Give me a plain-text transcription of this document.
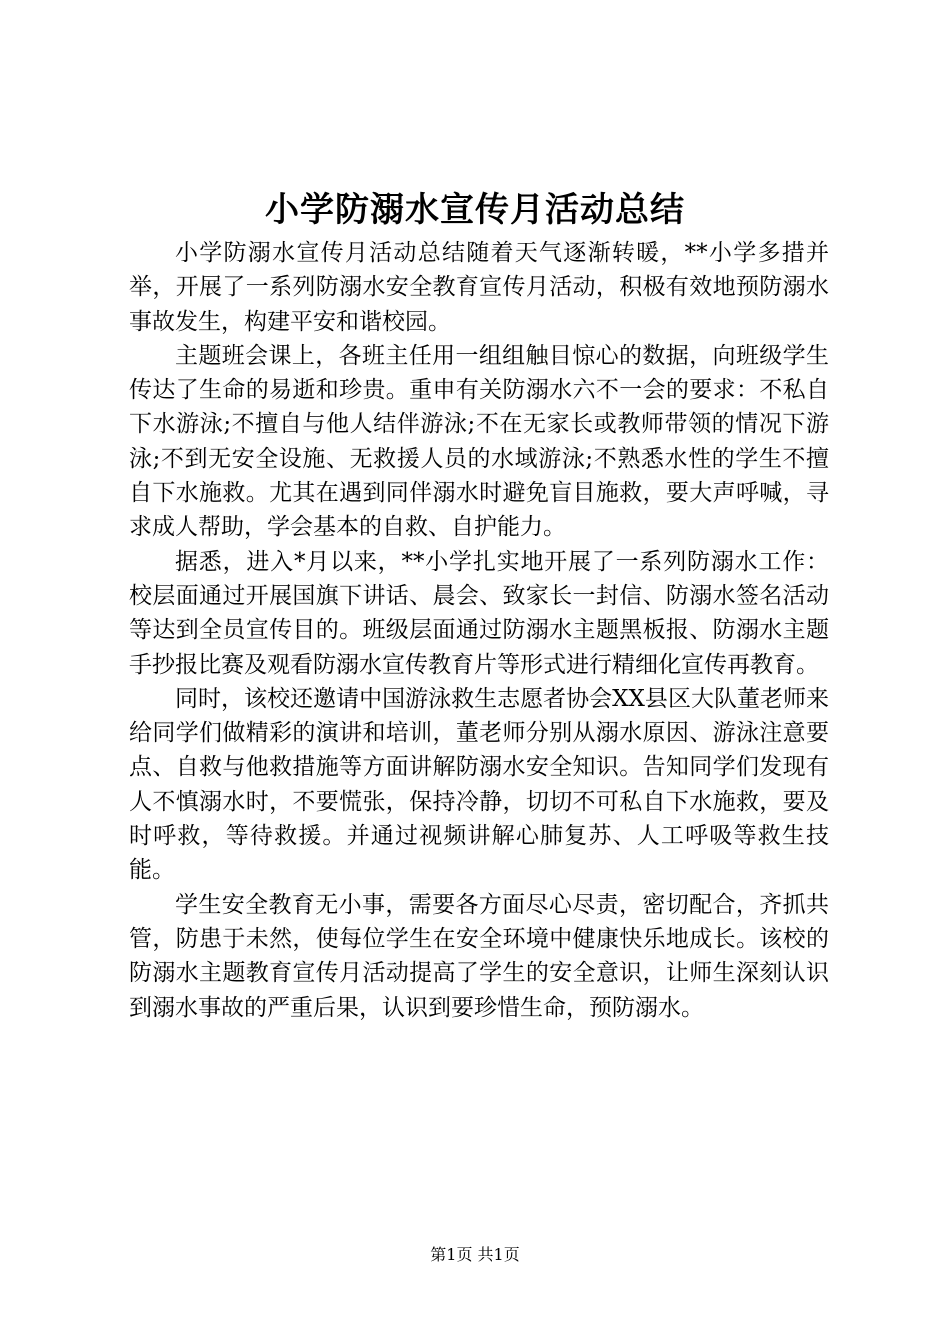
小学防溺水宣传月活动总结

小学防溺水宣传月活动总结随着天气逐渐转暖，**小学多措并举，开展了一系列防溺水安全教育宣传月活动，积极有效地预防溺水事故发生，构建平安和谐校园。

主题班会课上，各班主任用一组组触目惊心的数据，向班级学生传达了生命的易逝和珍贵。重申有关防溺水六不一会的要求：不私自下水游泳;不擅自与他人结伴游泳;不在无家长或教师带领的情况下游泳;不到无安全设施、无救援人员的水域游泳;不熟悉水性的学生不擅自下水施救。尤其在遇到同伴溺水时避免盲目施救，要大声呼喊，寻求成人帮助，学会基本的自救、自护能力。

据悉，进入*月以来，**小学扎实地开展了一系列防溺水工作：校层面通过开展国旗下讲话、晨会、致家长一封信、防溺水签名活动等达到全员宣传目的。班级层面通过防溺水主题黑板报、防溺水主题手抄报比赛及观看防溺水宣传教育片等形式进行精细化宣传再教育。

同时，该校还邀请中国游泳救生志愿者协会XX县区大队董老师来给同学们做精彩的演讲和培训，董老师分别从溺水原因、游泳注意要点、自救与他救措施等方面讲解防溺水安全知识。告知同学们发现有人不慎溺水时，不要慌张，保持冷静，切切不可私自下水施救，要及时呼救，等待救援。并通过视频讲解心肺复苏、人工呼吸等救生技能。

学生安全教育无小事，需要各方面尽心尽责，密切配合，齐抓共管，防患于未然，使每位学生在安全环境中健康快乐地成长。该校的防溺水主题教育宣传月活动提高了学生的安全意识，让师生深刻认识到溺水事故的严重后果，认识到要珍惜生命，预防溺水。

第1页 共1页
